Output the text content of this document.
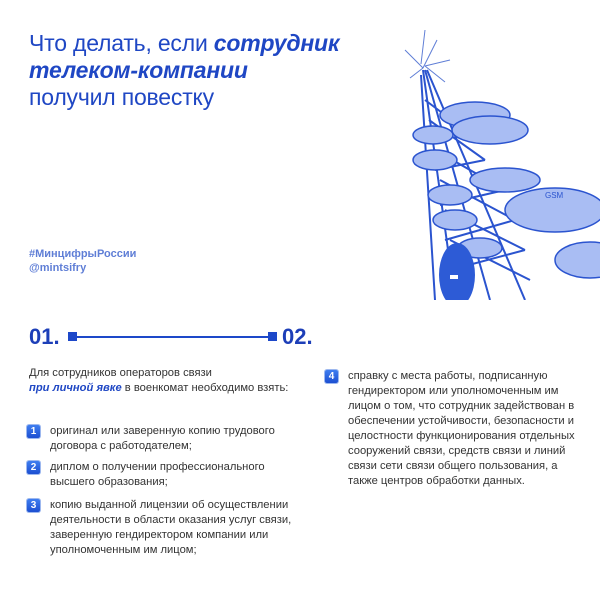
Что делать, если сотрудник
телеком-компании
получил повестку
#МинцифрыРоссии
@mintsifry
GSM
01.	02.
Для сотрудников операторов связи
при личной явке в военкомат необходимо взять:
1	оригинал или заверенную копию трудового договора с работодателем;
2	диплом о получении профессионального высшего образования;
3	копию выданной лицензии об осуществлении деятельности в области оказания услуг связи, заверенную гендиректором компании или уполномоченным им лицом;
4	справку с места работы, подписанную гендиректором или уполномоченным им лицом о том, что сотрудник задействован в обеспечении устойчивости, безопасности и целостности функционирования отдельных сооружений связи, средств связи и линий связи сети связи общего пользования, а также центров обработки данных.
